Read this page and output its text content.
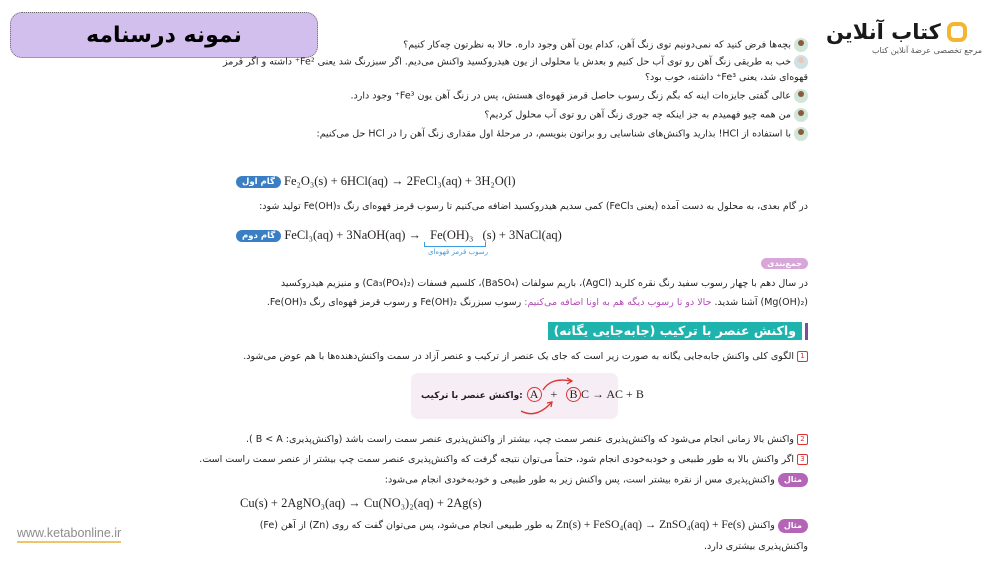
نمونه درسنامه	کتاب آنلاین
مرجع تخصصی عرضهٔ آنلاین کتاب
www.ketabonline.ir
بچه‌ها فرض کنید که نمی‌دونیم توی زنگ آهن، کدام یون آهن وجود داره. حالا به نظرتون چه‌کار کنیم؟
خب به طریقی زنگ آهن رو توی آب حل کنیم و بعدش با محلولی از یون هیدروکسید واکنش می‌دیم. اگر سبزرنگ شد یعنی Fe²⁺ داشته و اگر قرمز
قهوه‌ای شد، یعنی Fe³⁺ داشته، خوب بود؟
عالی گفتی جایزه‌ات اینه که بگم زنگ رسوب حاصل قرمز قهوه‌ای هستش، پس در زنگ آهن یون Fe³⁺ وجود دارد.
من همه چیو فهمیدم به جز اینکه چه جوری زنگ آهن رو توی آب محلول کردیم؟
با استفاده از HCl! بذارید واکنش‌های شناسایی رو براتون بنویسم، در مرحلهٔ اول مقداری زنگ آهن را در HCl حل می‌کنیم:
گام اول Fe₂O₃(s) + 6HCl(aq) → 2FeCl₃(aq) + 3H₂O(l)
در گام بعدی، به محلول به دست آمده (یعنی FeCl₃) کمی سدیم هیدروکسید اضافه می‌کنیم تا رسوب قرمز قهوه‌ای رنگ Fe(OH)₃ تولید شود:
گام دوم FeCl₃(aq) + 3NaOH(aq) → Fe(OH)₃ (s) + 3NaCl(aq)
رسوب قرمز قهوه‌ای
جمع‌بندی
در سال دهم با چهار رسوب سفید رنگ نقره کلرید (AgCl)، باریم سولفات (BaSO₄)، کلسیم فسفات (Ca₃(PO₄)₂) و منیزیم هیدروکسید
(Mg(OH)₂) آشنا شدید. حالا دو تا رسوب دیگه هم به اونا اضافه می‌کنیم: رسوب سبزرنگ Fe(OH)₂ و رسوب قرمز قهوه‌ای رنگ Fe(OH)₃.
واکنش عنصر با ترکیب (جابه‌جایی یگانه)
1الگوی کلی واکنش جابه‌جایی یگانه به صورت زیر است که جای یک عنصر از ترکیب و عنصر آزاد در سمت واکنش‌دهنده‌ها با هم عوض می‌شود.
2واکنش بالا زمانی انجام می‌شود که واکنش‌پذیری عنصر سمت چپ، بیشتر از واکنش‌پذیری عنصر سمت راست باشد (واکنش‌پذیری: B < A ).
3اگر واکنش بالا به طور طبیعی و خودبه‌خودی انجام شود، حتماً می‌توان نتیجه گرفت که واکنش‌پذیری عنصر سمت چپ بیشتر از عنصر سمت راست است.
مثال واکنش‌پذیری مس از نقره بیشتر است، پس واکنش زیر به طور طبیعی و خودبه‌خودی انجام می‌شود:
Cu(s) + 2AgNO₃(aq) → Cu(NO₃)₂(aq) + 2Ag(s)
مثال واکنش Zn(s) + FeSO₄(aq) → ZnSO₄(aq) + Fe(s) به طور طبیعی انجام می‌شود، پس می‌توان گفت که روی (Zn) از آهن (Fe)
واکنش‌پذیری بیشتری دارد.
واکنش عنصر با ترکیب: A + B C → AC + B
